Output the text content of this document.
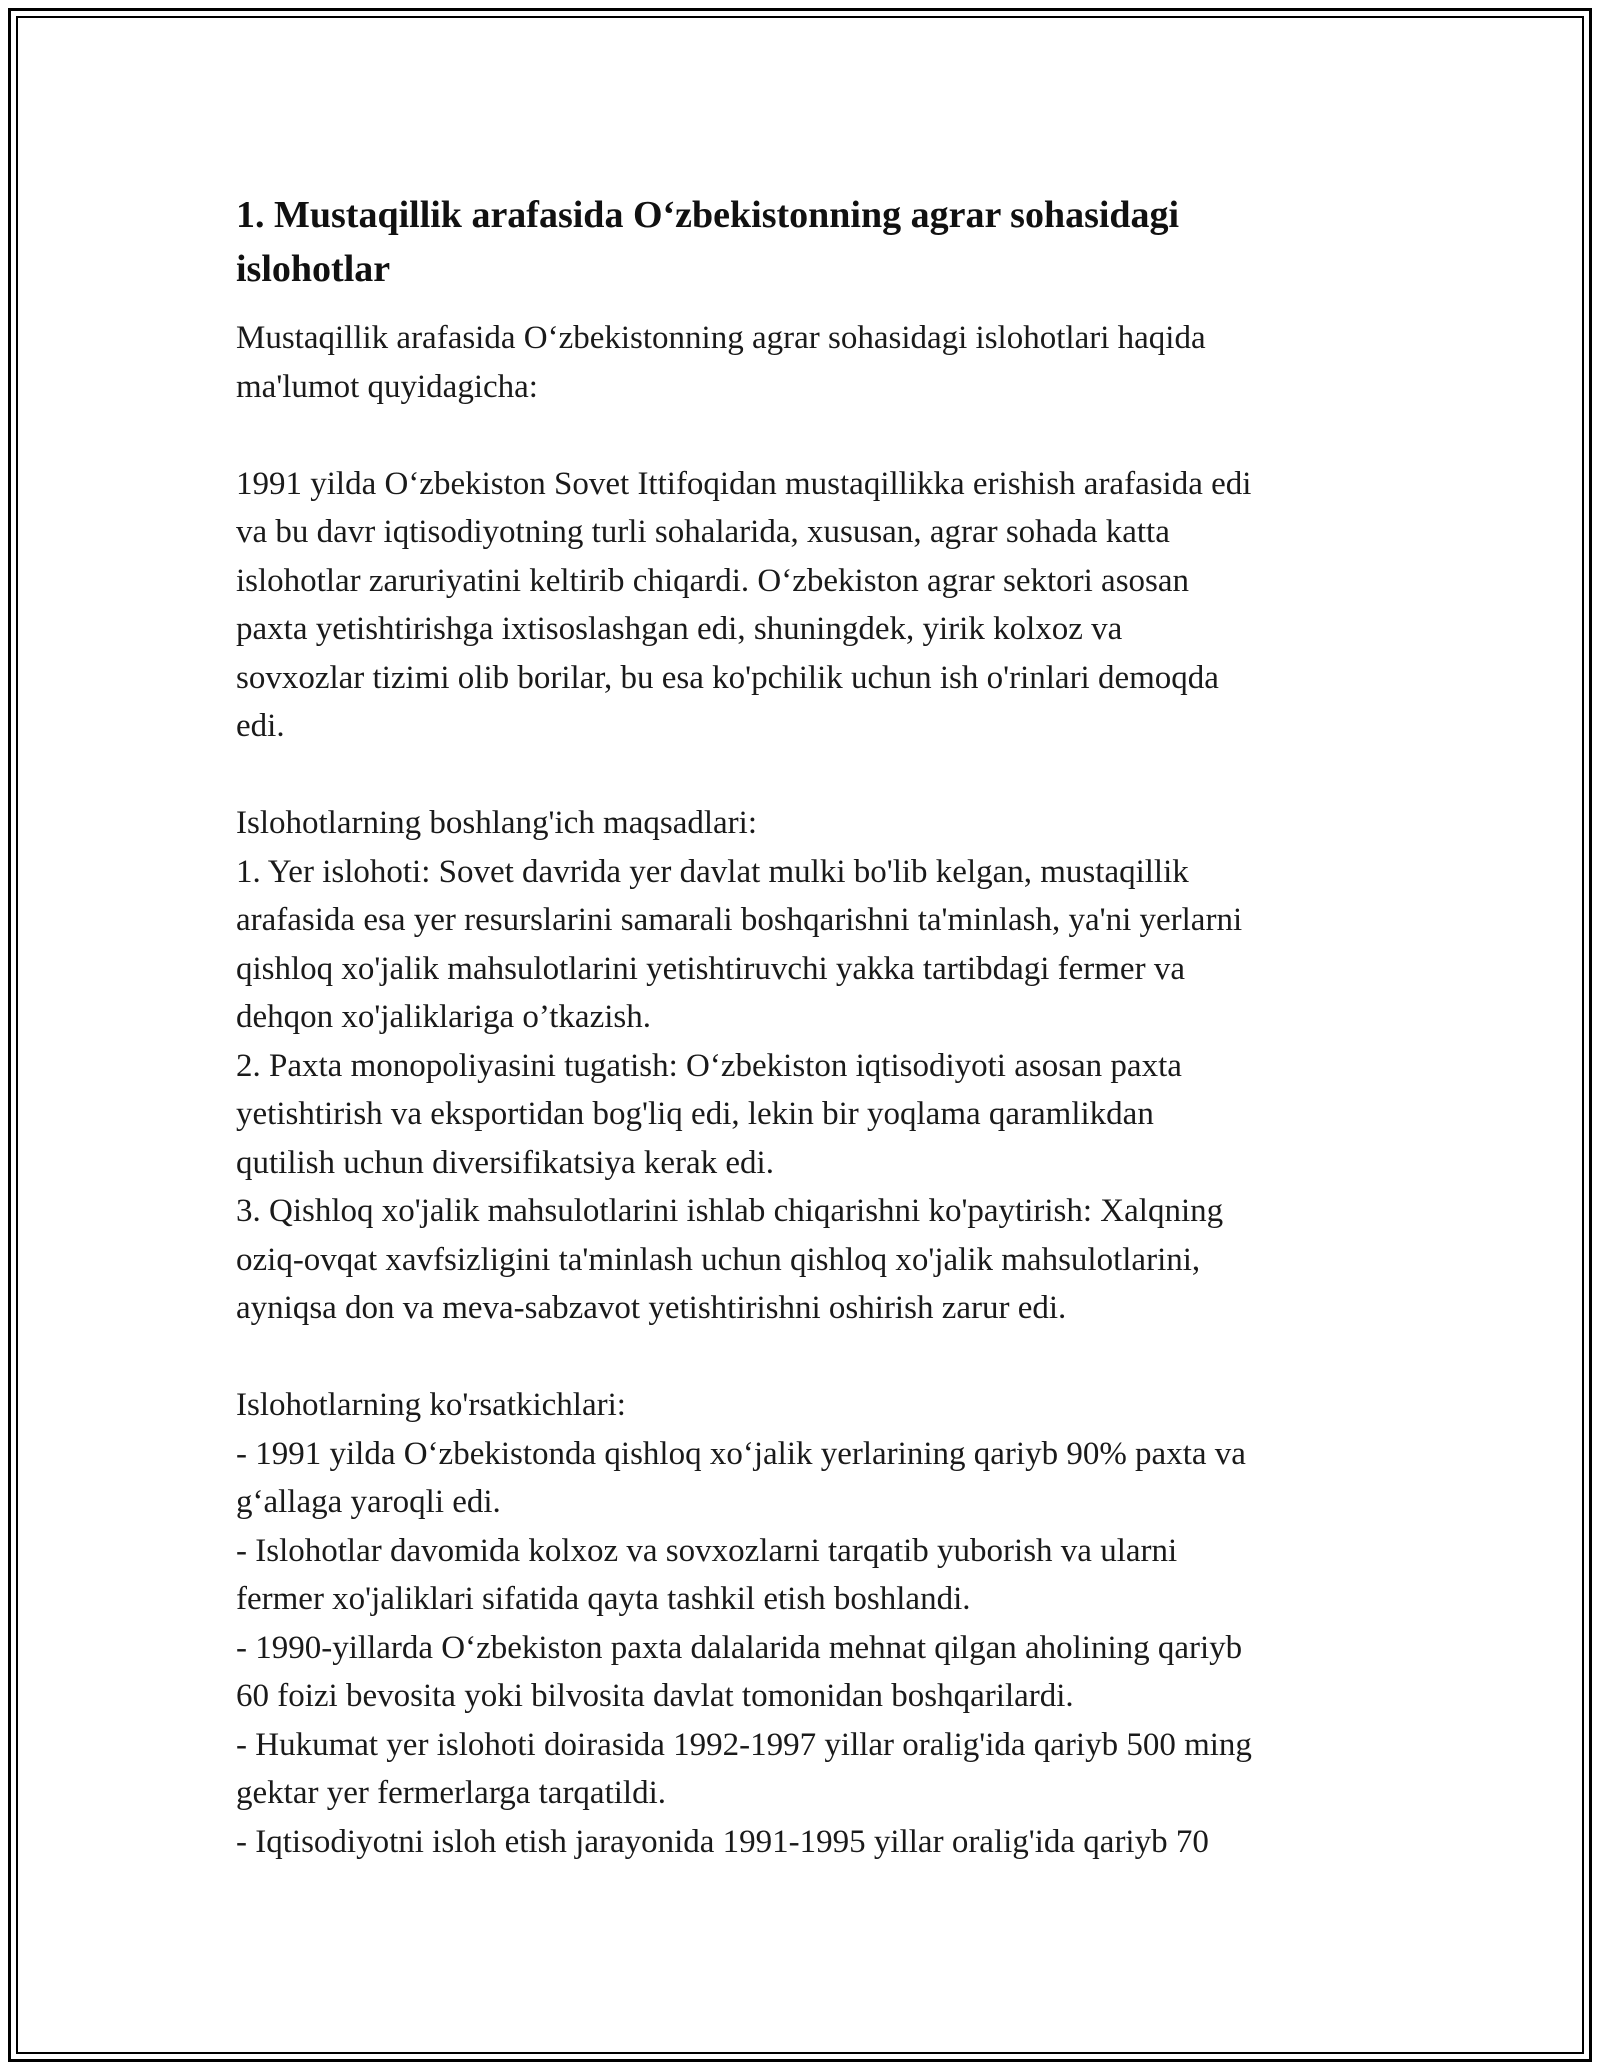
1. Mustaqillik arafasida O‘zbekistonning agrar sohasidagi
islohotlar
Mustaqillik arafasida O‘zbekistonning agrar sohasidagi islohotlari haqida
ma'lumot quyidagicha:
1991 yilda O‘zbekiston Sovet Ittifoqidan mustaqillikka erishish arafasida edi
va bu davr iqtisodiyotning turli sohalarida, xususan, agrar sohada katta
islohotlar zaruriyatini keltirib chiqardi. O‘zbekiston agrar sektori asosan
paxta yetishtirishga ixtisoslashgan edi, shuningdek, yirik kolxoz va
sovxozlar tizimi olib borilar, bu esa ko'pchilik uchun ish o'rinlari demoqda
edi.
Islohotlarning boshlang'ich maqsadlari:
1. Yer islohoti: Sovet davrida yer davlat mulki bo'lib kelgan, mustaqillik
arafasida esa yer resurslarini samarali boshqarishni ta'minlash, ya'ni yerlarni
qishloq xo'jalik mahsulotlarini yetishtiruvchi yakka tartibdagi fermer va
dehqon xo'jaliklariga o’tkazish.
2. Paxta monopoliyasini tugatish: O‘zbekiston iqtisodiyoti asosan paxta
yetishtirish va eksportidan bog'liq edi, lekin bir yoqlama qaramlikdan
qutilish uchun diversifikatsiya kerak edi.
3. Qishloq xo'jalik mahsulotlarini ishlab chiqarishni ko'paytirish: Xalqning
oziq-ovqat xavfsizligini ta'minlash uchun qishloq xo'jalik mahsulotlarini,
ayniqsa don va meva-sabzavot yetishtirishni oshirish zarur edi.
Islohotlarning ko'rsatkichlari:
- 1991 yilda O‘zbekistonda qishloq xo‘jalik yerlarining qariyb 90% paxta va
g‘allaga yaroqli edi.
- Islohotlar davomida kolxoz va sovxozlarni tarqatib yuborish va ularni
fermer xo'jaliklari sifatida qayta tashkil etish boshlandi.
- 1990-yillarda O‘zbekiston paxta dalalarida mehnat qilgan aholining qariyb
60 foizi bevosita yoki bilvosita davlat tomonidan boshqarilardi.
- Hukumat yer islohoti doirasida 1992-1997 yillar oralig'ida qariyb 500 ming
gektar yer fermerlarga tarqatildi.
- Iqtisodiyotni isloh etish jarayonida 1991-1995 yillar oralig'ida qariyb 70
